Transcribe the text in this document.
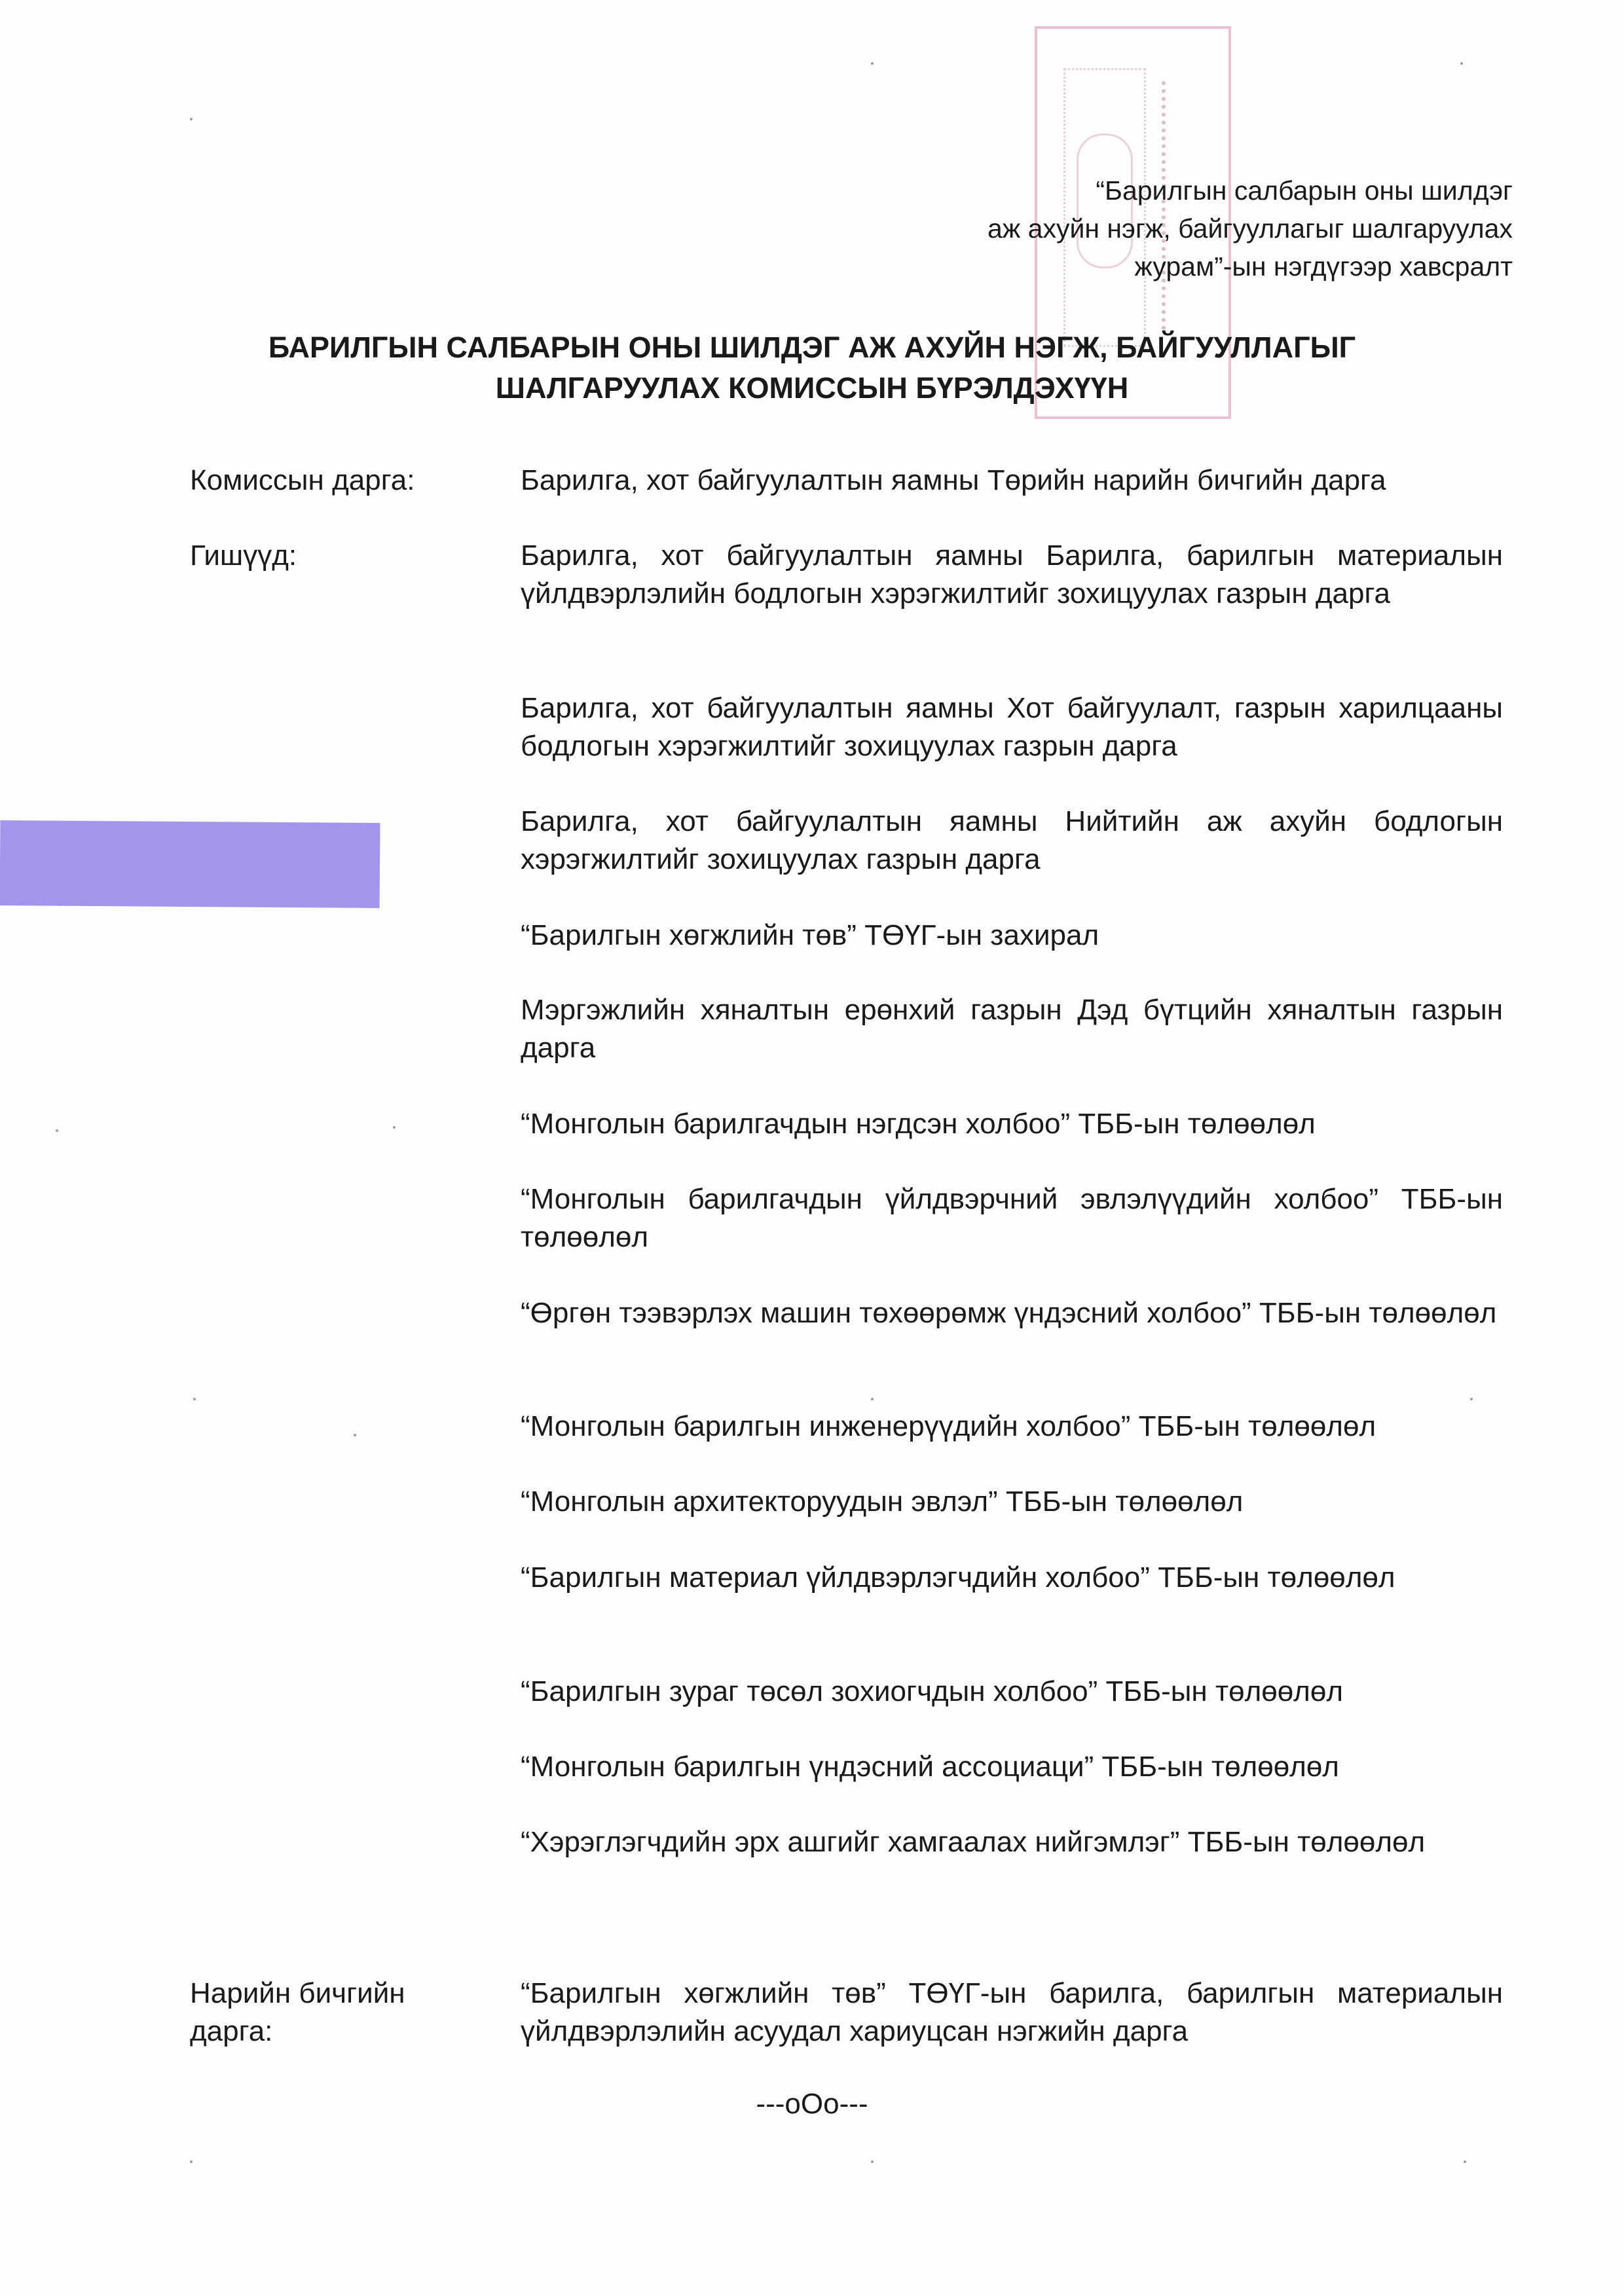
“Барилгын салбарын оны шилдэг
аж ахуйн нэгж, байгууллагыг шалгаруулах
журам”-ын нэгдүгээр хавсралт
БАРИЛГЫН САЛБАРЫН ОНЫ ШИЛДЭГ АЖ АХУЙН НЭГЖ, БАЙГУУЛЛАГЫГ
ШАЛГАРУУЛАХ КОМИССЫН БҮРЭЛДЭХҮҮН
Комиссын дарга:	Барилга, хот байгуулалтын яамны Төрийн нарийн бичгийн дарга
Гишүүд:	Барилга, хот байгуулалтын яамны Барилга, барилгын материалын үйлдвэрлэлийн бодлогын хэрэгжилтийг зохицуулах газрын дарга
Барилга, хот байгуулалтын яамны Хот байгуулалт, газрын харилцааны бодлогын хэрэгжилтийг зохицуулах газрын дарга
Барилга, хот байгуулалтын яамны Нийтийн аж ахуйн бодлогын хэрэгжилтийг зохицуулах газрын дарга
“Барилгын хөгжлийн төв” ТӨҮГ-ын захирал
Мэргэжлийн хяналтын ерөнхий газрын Дэд бүтцийн хяналтын газрын дарга
“Монголын барилгачдын нэгдсэн холбоо” ТББ-ын төлөөлөл
“Монголын барилгачдын үйлдвэрчний эвлэлүүдийн холбоо” ТББ-ын төлөөлөл
“Өргөн тээвэрлэх машин төхөөрөмж үндэсний холбоо” ТББ-ын төлөөлөл
“Монголын барилгын инженерүүдийн холбоо” ТББ-ын төлөөлөл
“Монголын архитекторуудын эвлэл” ТББ-ын төлөөлөл
“Барилгын материал үйлдвэрлэгчдийн холбоо” ТББ-ын төлөөлөл
“Барилгын зураг төсөл зохиогчдын холбоо” ТББ-ын төлөөлөл
“Монголын барилгын үндэсний ассоциаци” ТББ-ын төлөөлөл
“Хэрэглэгчдийн эрх ашгийг хамгаалах нийгэмлэг” ТББ-ын төлөөлөл
Нарийн бичгийн дарга:
“Барилгын хөгжлийн төв” ТӨҮГ-ын барилга, барилгын материалын үйлдвэрлэлийн асуудал хариуцсан нэгжийн дарга
---oOo---
